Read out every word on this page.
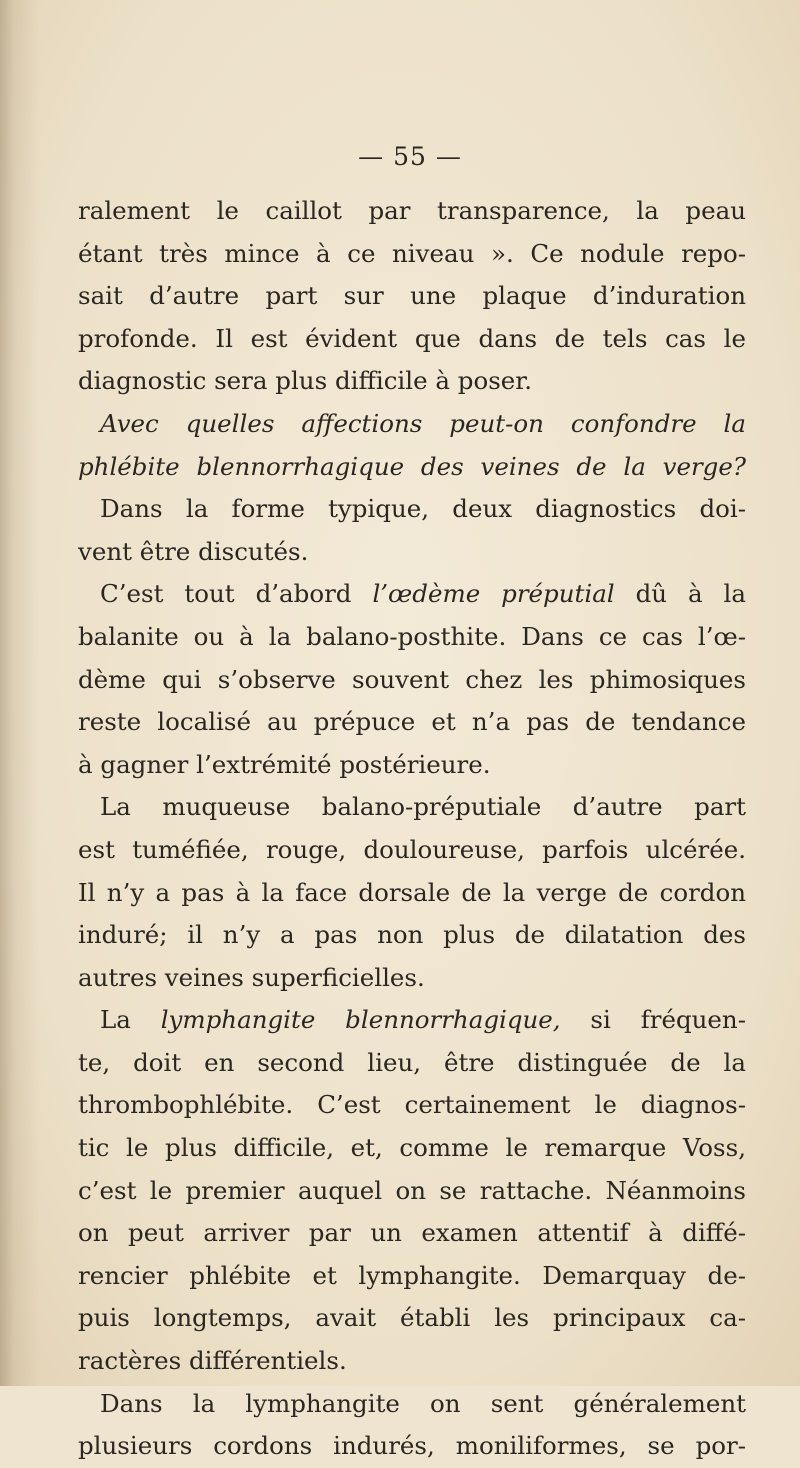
— 55 —
ralement le caillot par transparence, la peau
étant très mince à ce niveau ». Ce nodule repo-
sait d’autre part sur une plaque d’induration
profonde. Il est évident que dans de tels cas le
diagnostic sera plus difficile à poser.
Avec quelles affections peut-on confondre la
phlébite blennorrhagique des veines de la verge?
Dans la forme typique, deux diagnostics doi-
vent être discutés.
C’est tout d’abord l’œdème préputial dû à la
balanite ou à la balano-posthite. Dans ce cas l’œ-
dème qui s’observe souvent chez les phimosiques
reste localisé au prépuce et n’a pas de tendance
à gagner l’extrémité postérieure.
La muqueuse balano-préputiale d’autre part
est tuméfiée, rouge, douloureuse, parfois ulcérée.
Il n’y a pas à la face dorsale de la verge de cordon
induré; il n’y a pas non plus de dilatation des
autres veines superficielles.
La lymphangite blennorrhagique, si fréquen-
te, doit en second lieu, être distinguée de la
thrombophlébite. C’est certainement le diagnos-
tic le plus difficile, et, comme le remarque Voss,
c’est le premier auquel on se rattache. Néanmoins
on peut arriver par un examen attentif à diffé-
rencier phlébite et lymphangite. Demarquay de-
puis longtemps, avait établi les principaux ca-
ractères différentiels.
Dans la lymphangite on sent généralement
plusieurs cordons indurés, moniliformes, se por-
